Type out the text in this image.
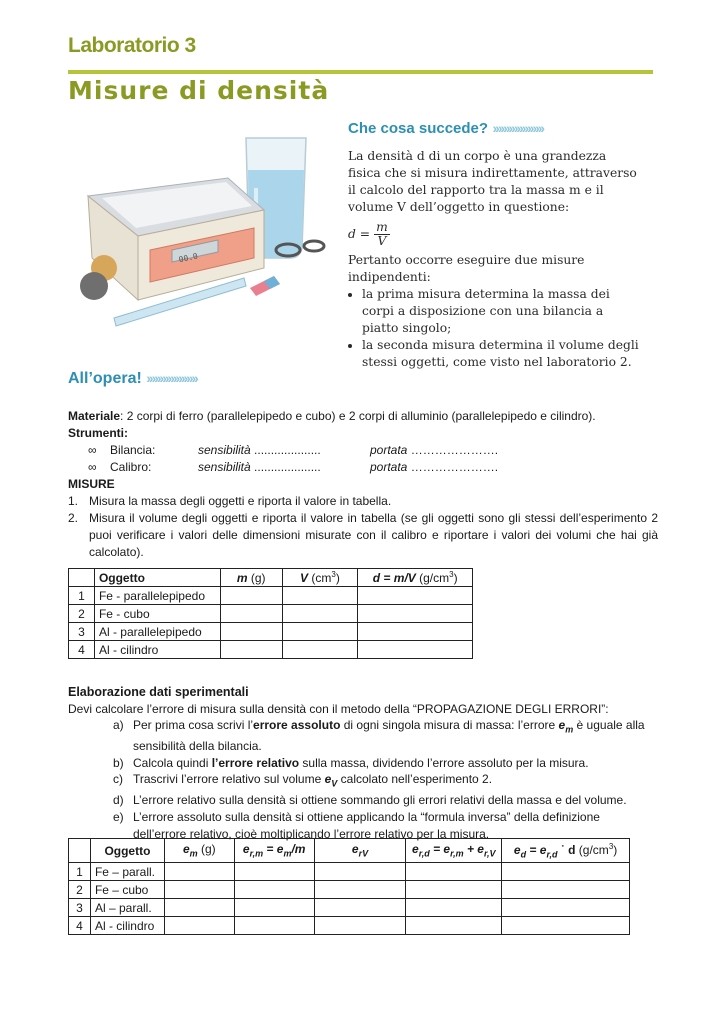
Laboratorio 3
Misure di densità
00.0
Che cosa succede? ›››››››››››››››››››

La densità d di un corpo è una grandezza fisica che si misura indirettamente, attraverso il calcolo del rapporto tra la massa m e il volume V dell’oggetto in questione:

$d = \frac{m}{V}$

Pertanto occorre eseguire due misure indipendenti:

• la prima misura determina la massa dei corpi a disposizione con una bilancia a piatto singolo;
• la seconda misura determina il volume degli stessi oggetti, come visto nel laboratorio 2.
All’opera! ›››››››››››››››››››
Materiale: 2 corpi di ferro (parallelepipedo e cubo) e 2 corpi di alluminio (parallelepipedo e cilindro).
Strumenti:
∞ Bilancia:	sensibilità ....................	portata ………………….
∞ Calibro:	sensibilità ....................	portata ………………….
MISURE
1. Misura la massa degli oggetti e riporta il valore in tabella.
2. Misura il volume degli oggetti e riporta il valore in tabella (se gli oggetti sono gli stessi dell’esperimento 2 puoi verificare i valori delle dimensioni misurate con il calibro e riportare i valori dei volumi che hai già calcolato).
	Oggetto	m (g)	V $(cm^3)$	d = m/V $(g/cm^3)$
1	Fe - parallelepipedo			
2	Fe - cubo			
3	Al - parallelepipedo			
4	Al - cilindro			
Elaborazione dati sperimentali
Devi calcolare l’errore di misura sulla densità con il metodo della “PROPAGAZIONE DEGLI ERRORI”:
a) Per prima cosa scrivi l’errore assoluto di ogni singola misura di massa: l’errore $e_m$ è uguale alla sensibilità della bilancia.
b) Calcola quindi l’errore relativo sulla massa, dividendo l’errore assoluto per la misura.
c) Trascrivi l’errore relativo sul volume $e_V$ calcolato nell’esperimento 2.
d) L’errore relativo sulla densità si ottiene sommando gli errori relativi della massa e del volume.
e) L’errore assoluto sulla densità si ottiene applicando la “formula inversa” della definizione dell’errore relativo, cioè moltiplicando l’errore relativo per la misura.
	Oggetto	$e_m$ (g)	$e_{r,m} = e_m/m$	$e_{rV}$	$e_{r,d} = e_{r,m} + e_{r,V}$	$e_d = e_{r,d}$ ˙ d $(g/cm^3)$
1	Fe – parall.					
2	Fe – cubo					
3	Al – parall.					
4	Al - cilindro					
